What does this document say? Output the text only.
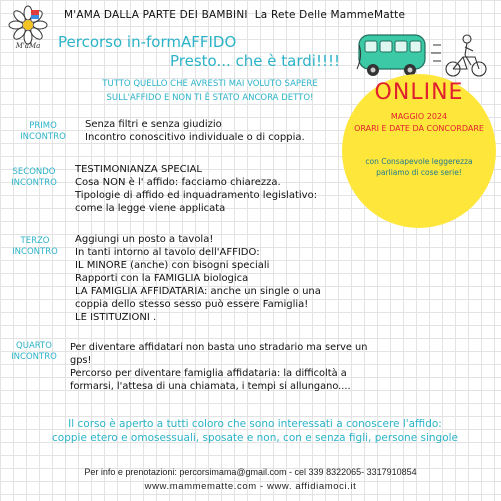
M'aMa
M'AMA DALLA PARTE DEI BAMBINI La Rete Delle MammeMatte
Percorso in-formAFFIDO
Presto... che è tardi!!!!
TUTTO QUELLO CHE AVRESTI MAI VOLUTO SAPERE
SULL'AFFIDO E NON TI È STATO ANCORA DETTO!	ONLINE
MAGGIO 2024
ORARI E DATE DA CONCORDARE
con Consapevole leggerezza
parliamo di cose serie!
PRIMO
INCONTRO
Senza filtri e senza giudizio
Incontro conoscitivo individuale o di coppia.
SECONDO
INCONTRO
TESTIMONIANZA SPECIAL
Cosa NON è l' affido: facciamo chiarezza.
Tipologie di affido ed inquadramento legislativo:
come la legge viene applicata
TERZO
INCONTRO
Aggiungi un posto a tavola!
In tanti intorno al tavolo dell'AFFIDO:
IL MINORE (anche) con bisogni speciali
Rapporti con la FAMIGLIA biologica
LA FAMIGLIA AFFIDATARIA: anche un single o una
coppia dello stesso sesso può essere Famiglia!
LE ISTITUZIONI .
QUARTO
INCONTRO
Per diventare affidatari non basta uno stradario ma serve un
gps!
Percorso per diventare famiglia affidataria: la difficoltà a
formarsi, l'attesa di una chiamata, i tempi si allungano....
Il corso è aperto a tutti coloro che sono interessati a conoscere l'affido:
coppie etero e omosessuali, sposate e non, con e senza figli, persone singole
Per info e prenotazioni: percorsimama@gmail.com - cel 339 8322065- 3317910854
www.mammematte.com - www. affidiamoci.it
